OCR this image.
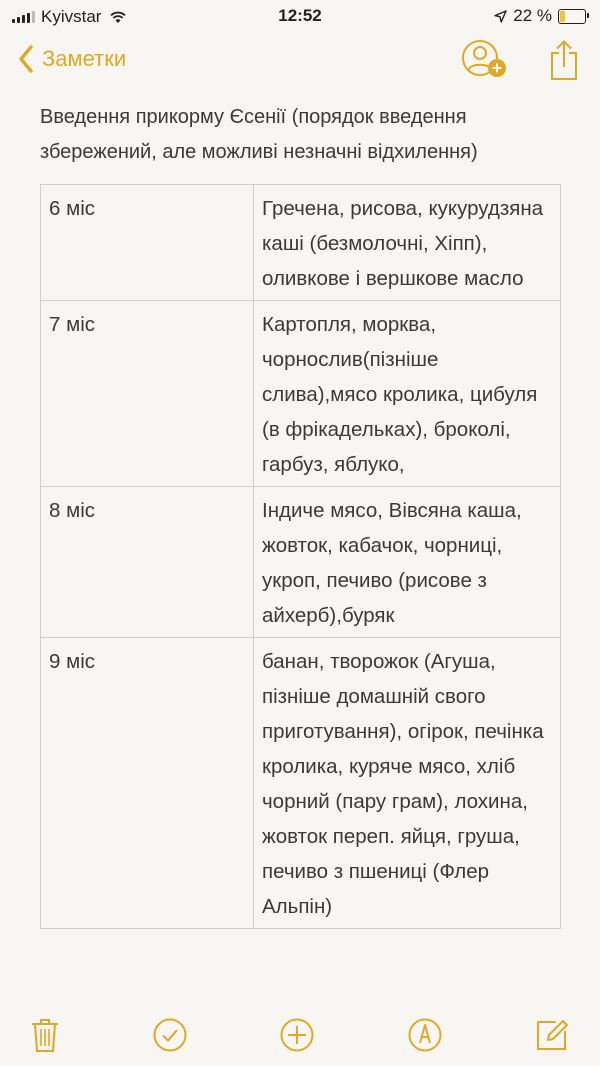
Kyivstar	12:52	22 %
Заметки

Введення прикорму Єсенії (порядок введення збережений, але можливі незначні відхилення)

6 міс	Гречена, рисова, кукурудзяна каші (безмолочні, Хіпп), оливкове і вершкове масло
7 міс	Картопля, морква, чорнослив(пізніше слива),мясо кролика, цибуля (в фрікадельках), броколі, гарбуз, яблуко,
8 міс	Індиче мясо, Вівсяна каша, жовток, кабачок, чорниці, укроп, печиво (рисове з айхерб),буряк
9 міс	банан, творожок (Агуша, пізніше домашній свого приготування), огірок, печінка кролика, куряче мясо, хліб чорний (пару грам), лохина, жовток переп. яйця, груша, печиво з пшениці (Флер Альпін)
